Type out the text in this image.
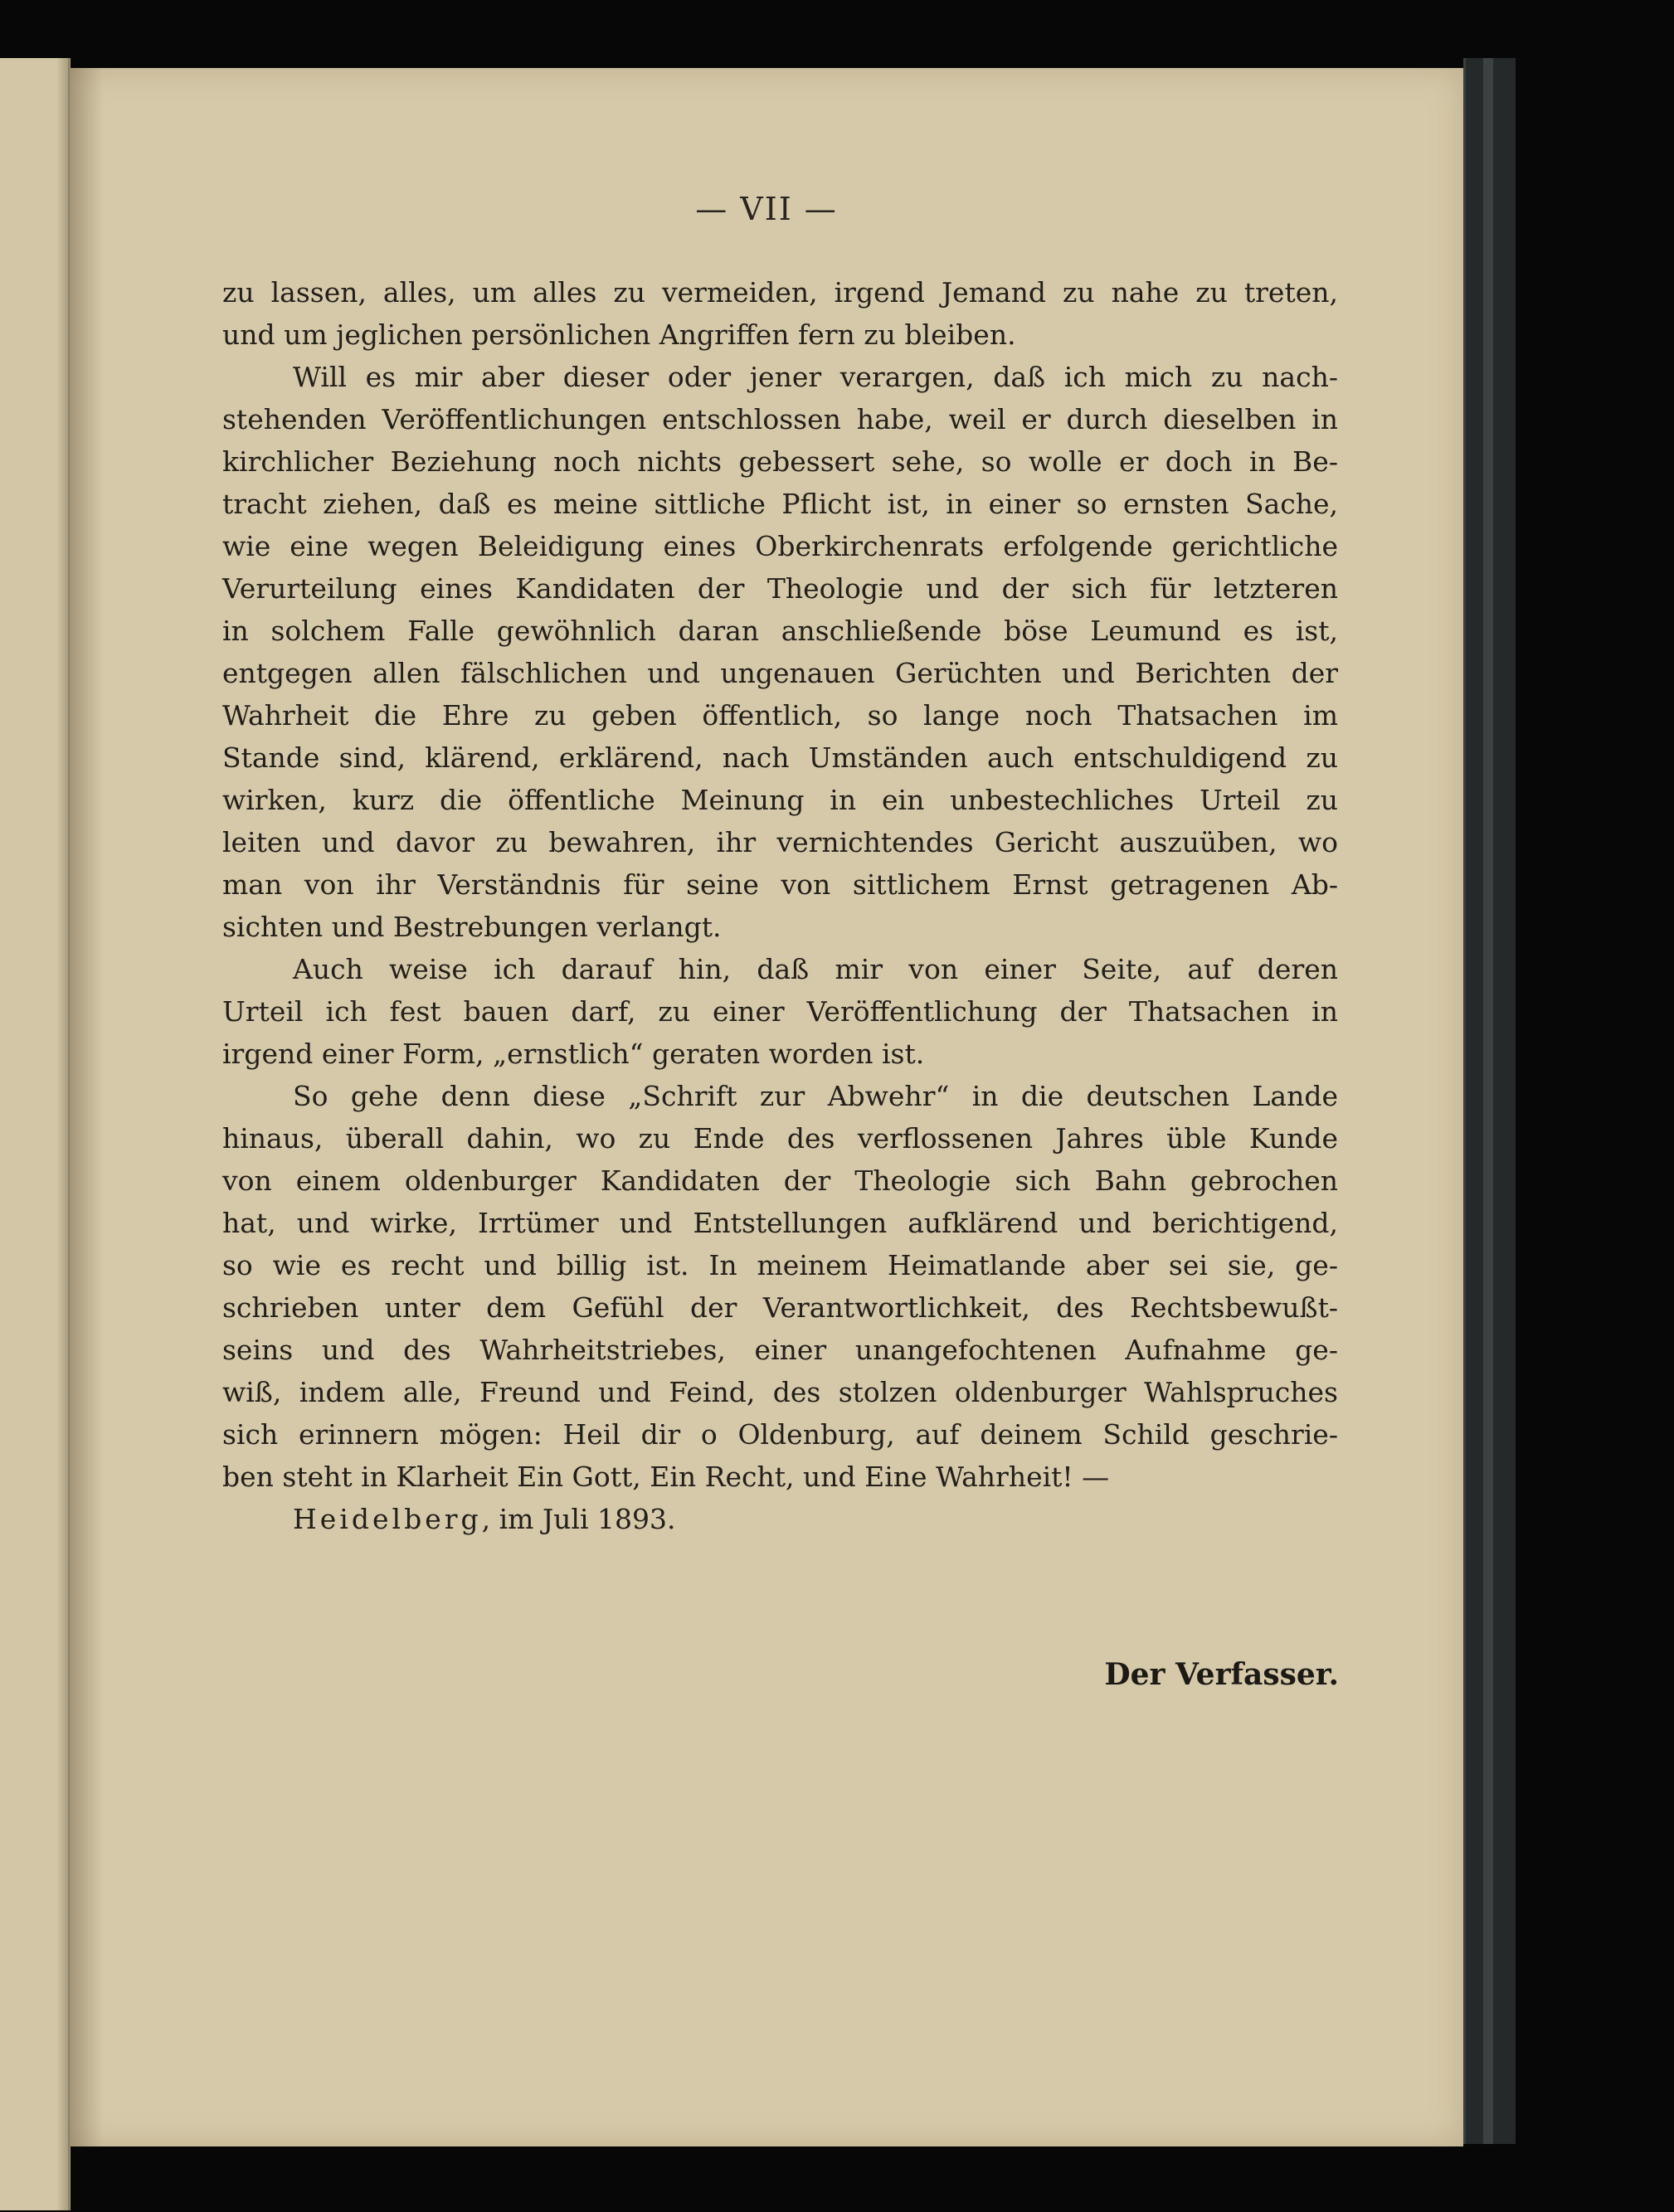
— VII —
zu lassen, alles, um alles zu vermeiden, irgend Jemand zu nahe zu treten,
und um jeglichen persönlichen Angriffen fern zu bleiben.
Will es mir aber dieser oder jener verargen, daß ich mich zu nach-
stehenden Veröffentlichungen entschlossen habe, weil er durch dieselben in
kirchlicher Beziehung noch nichts gebessert sehe, so wolle er doch in Be-
tracht ziehen, daß es meine sittliche Pflicht ist, in einer so ernsten Sache,
wie eine wegen Beleidigung eines Oberkirchenrats erfolgende gerichtliche
Verurteilung eines Kandidaten der Theologie und der sich für letzteren
in solchem Falle gewöhnlich daran anschließende böse Leumund es ist,
entgegen allen fälschlichen und ungenauen Gerüchten und Berichten der
Wahrheit die Ehre zu geben öffentlich, so lange noch Thatsachen im
Stande sind, klärend, erklärend, nach Umständen auch entschuldigend zu
wirken, kurz die öffentliche Meinung in ein unbestechliches Urteil zu
leiten und davor zu bewahren, ihr vernichtendes Gericht auszuüben, wo
man von ihr Verständnis für seine von sittlichem Ernst getragenen Ab-
sichten und Bestrebungen verlangt.
Auch weise ich darauf hin, daß mir von einer Seite, auf deren
Urteil ich fest bauen darf, zu einer Veröffentlichung der Thatsachen in
irgend einer Form, „ernstlich“ geraten worden ist.
So gehe denn diese „Schrift zur Abwehr“ in die deutschen Lande
hinaus, überall dahin, wo zu Ende des verflossenen Jahres üble Kunde
von einem oldenburger Kandidaten der Theologie sich Bahn gebrochen
hat, und wirke, Irrtümer und Entstellungen aufklärend und berichtigend,
so wie es recht und billig ist. In meinem Heimatlande aber sei sie, ge-
schrieben unter dem Gefühl der Verantwortlichkeit, des Rechtsbewußt-
seins und des Wahrheitstriebes, einer unangefochtenen Aufnahme ge-
wiß, indem alle, Freund und Feind, des stolzen oldenburger Wahlspruches
sich erinnern mögen: Heil dir o Oldenburg, auf deinem Schild geschrie-
ben steht in Klarheit Ein Gott, Ein Recht, und Eine Wahrheit! —
Heidelberg, im Juli 1893.
Der Verfasser.
